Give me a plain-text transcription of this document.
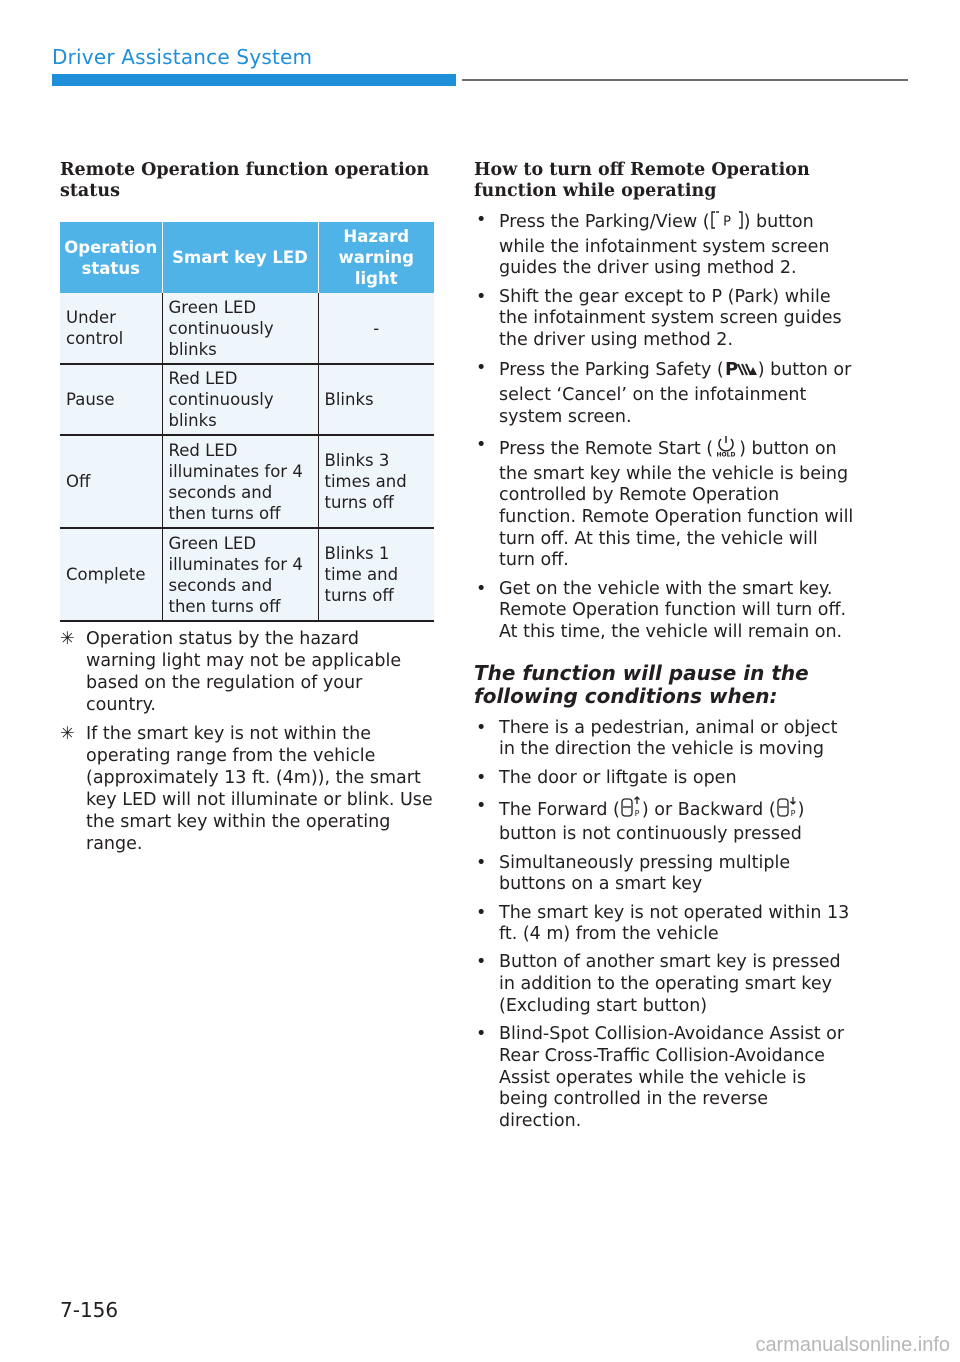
Driver Assistance System
Remote Operation function operation status
Operation status	Smart key LED	Hazard warning light
Under control	Green LED continuously blinks	-
Pause	Red LED continuously blinks	Blinks
Off	Red LED illuminates for 4 seconds and then turns off	Blinks 3 times and turns off
Complete	Green LED illuminates for 4 seconds and then turns off	Blinks 1 time and turns off
✳ Operation status by the hazard warning light may not be applicable based on the regulation of your country.
✳ If the smart key is not within the operating range from the vehicle (approximately 13 ft. (4m)), the smart key LED will not illuminate or blink. Use the smart key within the operating range.
How to turn off Remote Operation function while operating
• Press the Parking/View ( P ) button while the infotainment system screen guides the driver using method 2.
• Shift the gear except to P (Park) while the infotainment system screen guides the driver using method 2.
• Press the Parking Safety ( P ) button or select ‘Cancel’ on the infotainment system screen.
• Press the Remote Start ( HOLD ) button on the smart key while the vehicle is being controlled by Remote Operation function. Remote Operation function will turn off. At this time, the vehicle will turn off.
• Get on the vehicle with the smart key. Remote Operation function will turn off. At this time, the vehicle will remain on.
The function will pause in the following conditions when:
• There is a pedestrian, animal or object in the direction the vehicle is moving
• The door or liftgate is open
• The Forward ( P ) or Backward ( P ) button is not continuously pressed
• Simultaneously pressing multiple buttons on a smart key
• The smart key is not operated within 13 ft. (4 m) from the vehicle
• Button of another smart key is pressed in addition to the operating smart key (Excluding start button)
• Blind-Spot Collision-Avoidance Assist or Rear Cross-Traffic Collision-Avoidance Assist operates while the vehicle is being controlled in the reverse direction.
7-156
carmanualsonline.info
